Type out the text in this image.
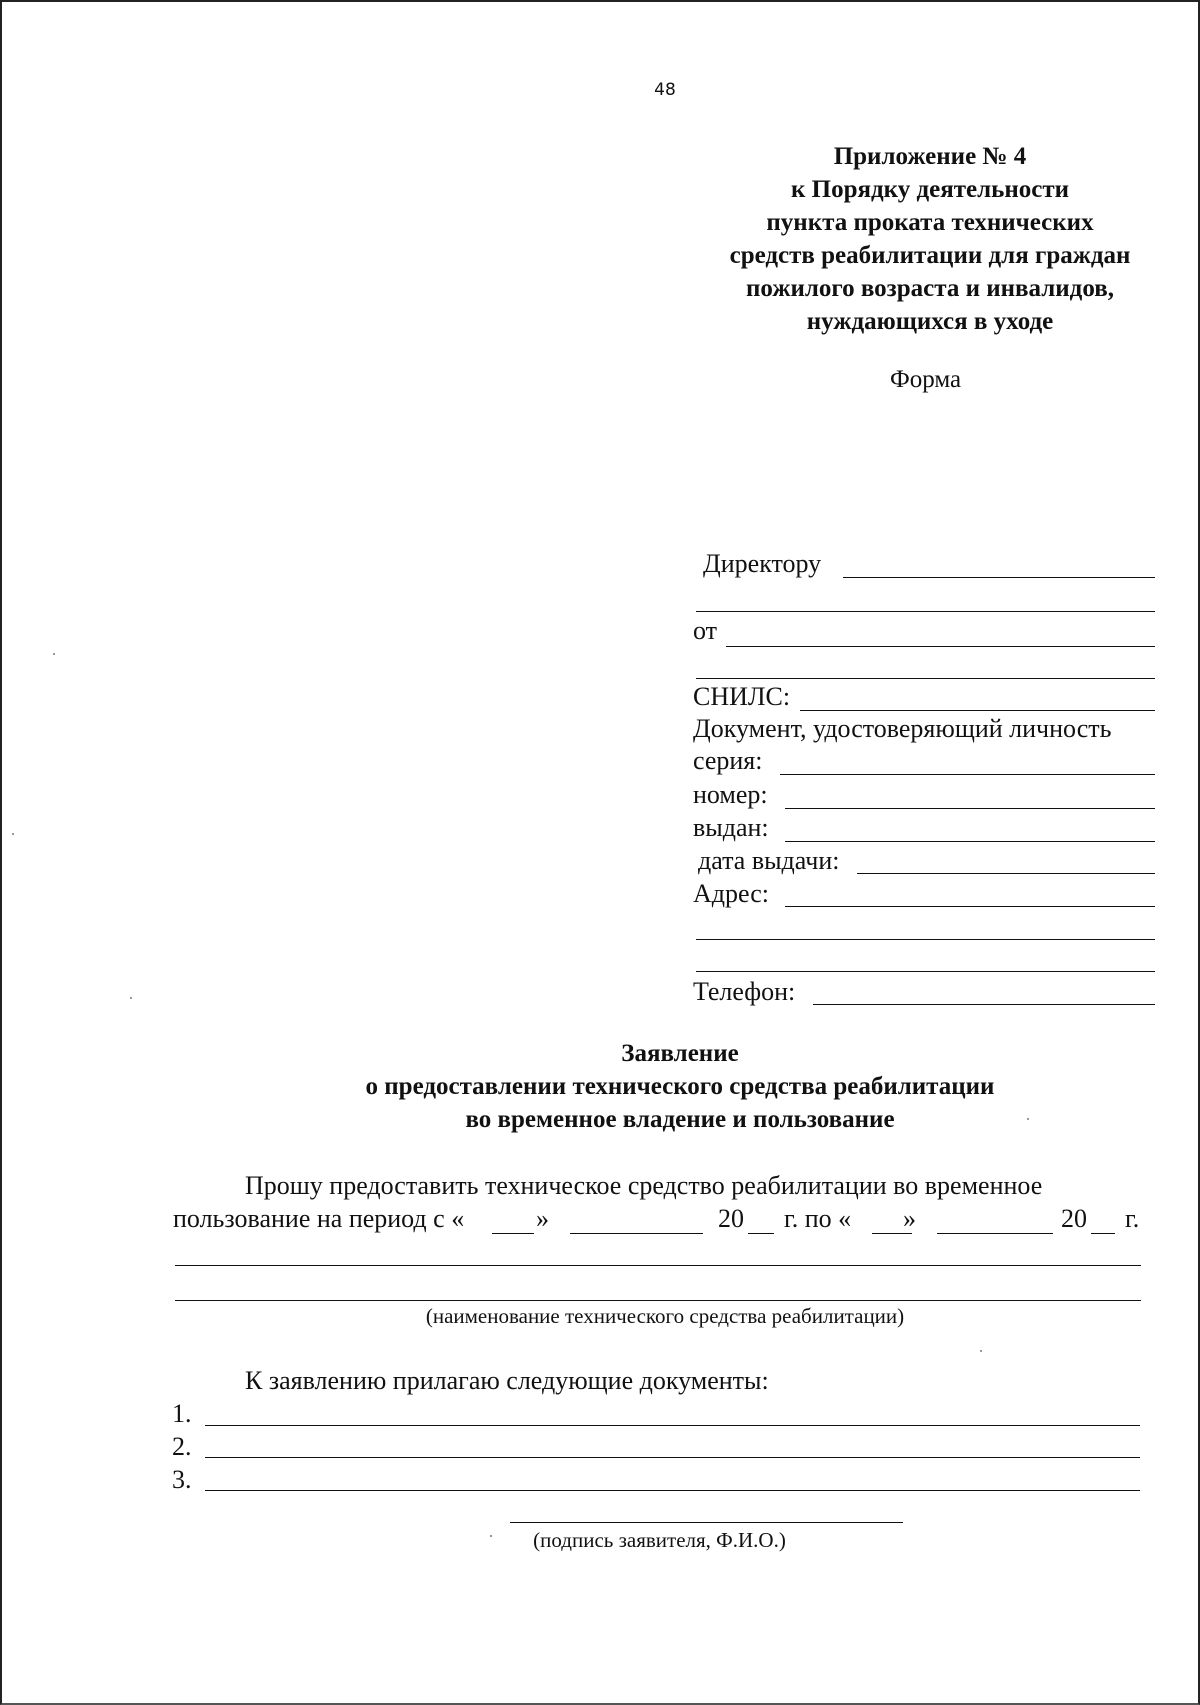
48
Приложение № 4
к Порядку деятельности
пункта проката технических
средств реабилитации для граждан
пожилого возраста и инвалидов,
нуждающихся в уходе
Форма
Директору
от
СНИЛС:
Документ, удостоверяющий личность
серия:
номер:
выдан:
дата выдачи:
Адрес:
Телефон:
Заявление
о предоставлении технического средства реабилитации
во временное владение и пользование
Прошу предоставить техническое средство реабилитации во временное
пользование на период с «	»	20 г. по « »	20 г.
(наименование технического средства реабилитации)
К заявлению прилагаю следующие документы:
1.
2.
3.
(подпись заявителя, Ф.И.О.)
